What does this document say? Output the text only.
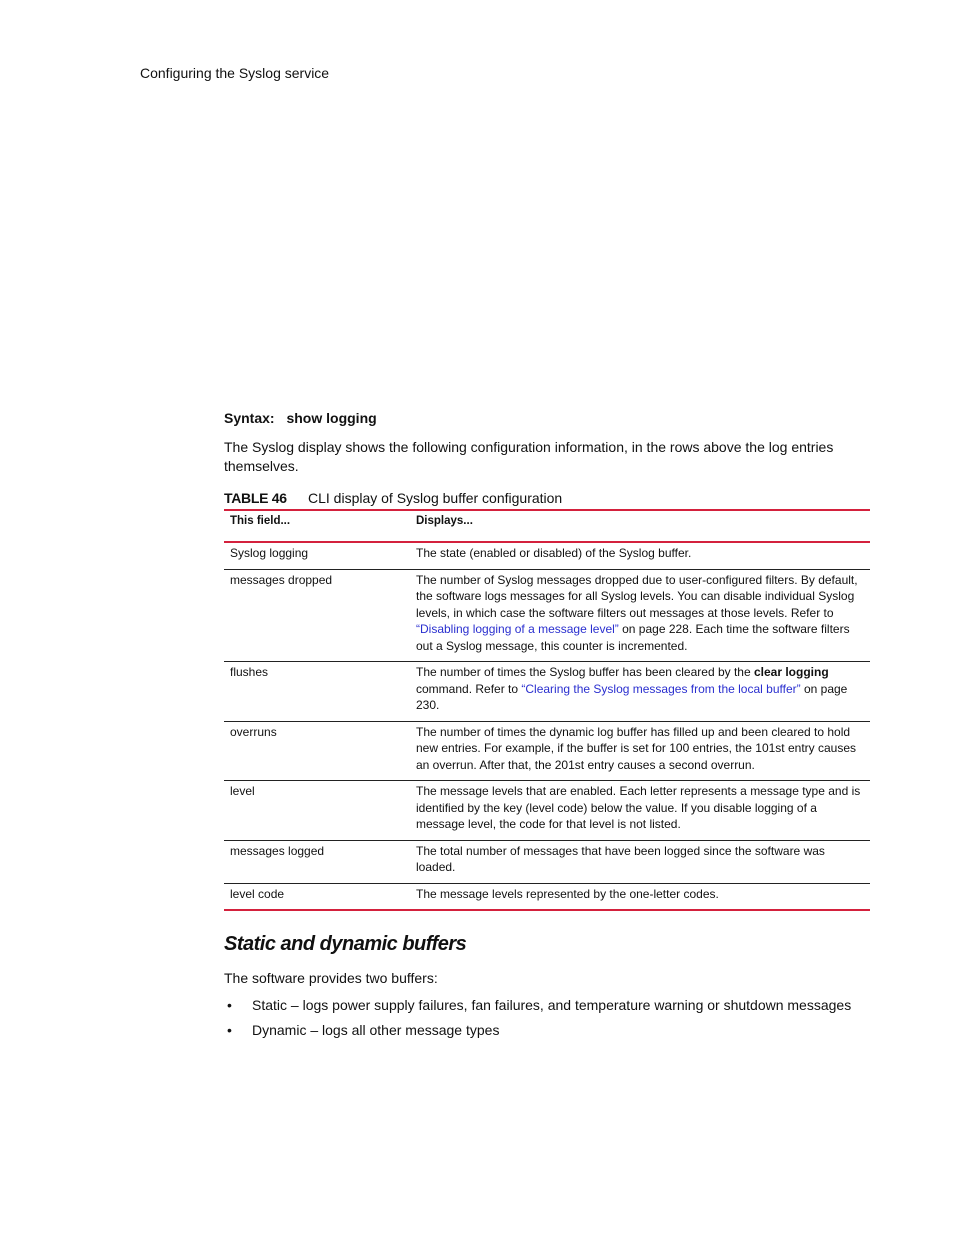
Configuring the Syslog service
Syntax: show logging

The Syslog display shows the following configuration information, in the rows above the log entries themselves.

TABLE 46 CLI display of Syslog buffer configuration
This field...	Displays...
Syslog logging	The state (enabled or disabled) of the Syslog buffer.
messages dropped	The number of Syslog messages dropped due to user-configured filters. By default, the software logs messages for all Syslog levels. You can disable individual Syslog levels, in which case the software filters out messages at those levels. Refer to “Disabling logging of a message level” on page 228. Each time the software filters out a Syslog message, this counter is incremented.
flushes	The number of times the Syslog buffer has been cleared by the clear logging command. Refer to “Clearing the Syslog messages from the local buffer” on page 230.
overruns	The number of times the dynamic log buffer has filled up and been cleared to hold new entries. For example, if the buffer is set for 100 entries, the 101st entry causes an overrun. After that, the 201st entry causes a second overrun.
level	The message levels that are enabled. Each letter represents a message type and is identified by the key (level code) below the value. If you disable logging of a message level, the code for that level is not listed.
messages logged	The total number of messages that have been logged since the software was loaded.
level code	The message levels represented by the one-letter codes.
Static and dynamic buffers

The software provides two buffers:

• Static – logs power supply failures, fan failures, and temperature warning or shutdown messages
• Dynamic – logs all other message types
